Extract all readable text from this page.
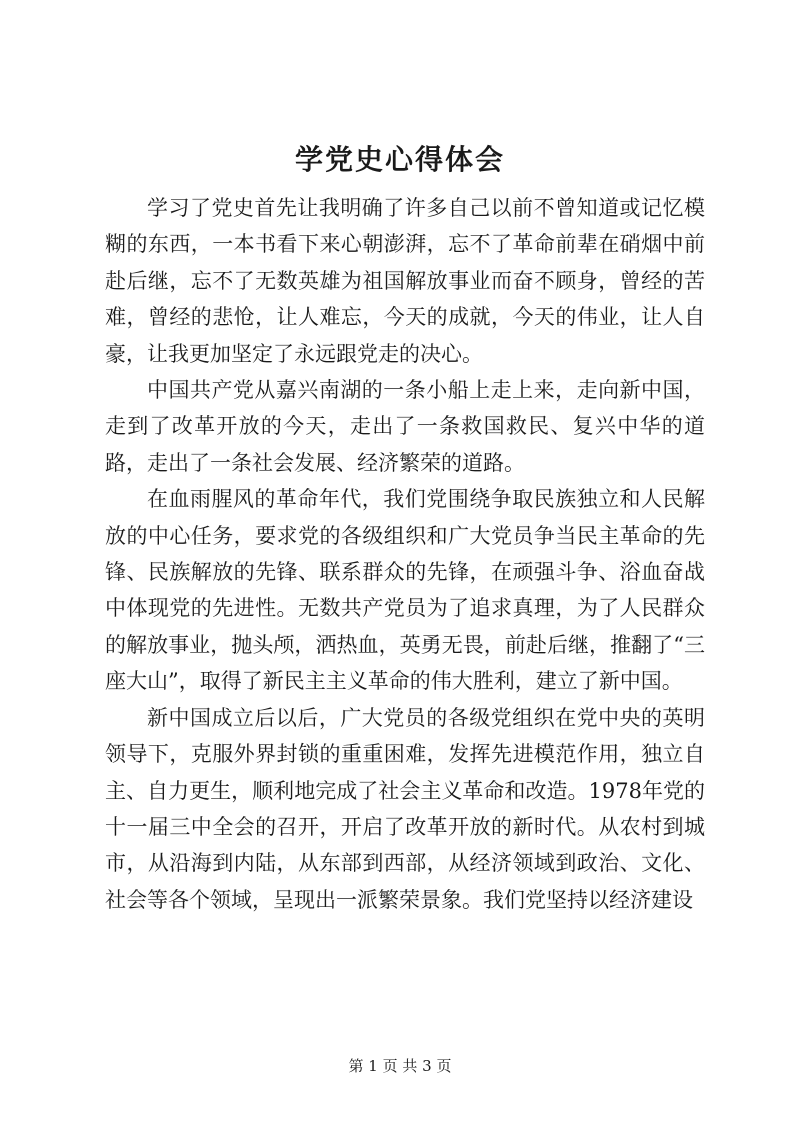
学党史心得体会

学习了党史首先让我明确了许多自己以前不曾知道或记忆模糊的东西，一本书看下来心朝澎湃，忘不了革命前辈在硝烟中前赴后继，忘不了无数英雄为祖国解放事业而奋不顾身，曾经的苦难，曾经的悲怆，让人难忘，今天的成就，今天的伟业，让人自豪，让我更加坚定了永远跟党走的决心。

中国共产党从嘉兴南湖的一条小船上走上来，走向新中国，走到了改革开放的今天，走出了一条救国救民、复兴中华的道路，走出了一条社会发展、经济繁荣的道路。

在血雨腥风的革命年代，我们党围绕争取民族独立和人民解放的中心任务，要求党的各级组织和广大党员争当民主革命的先锋、民族解放的先锋、联系群众的先锋，在顽强斗争、浴血奋战中体现党的先进性。无数共产党员为了追求真理，为了人民群众的解放事业，抛头颅，洒热血，英勇无畏，前赴后继，推翻了“三座大山”，取得了新民主主义革命的伟大胜利，建立了新中国。

新中国成立后以后，广大党员的各级党组织在党中央的英明领导下，克服外界封锁的重重困难，发挥先进模范作用，独立自主、自力更生，顺利地完成了社会主义革命和改造。1978年党的十一届三中全会的召开，开启了改革开放的新时代。从农村到城市，从沿海到内陆，从东部到西部，从经济领域到政治、文化、社会等各个领域，呈现出一派繁荣景象。我们党坚持以经济建设

第 1 页 共 3 页
